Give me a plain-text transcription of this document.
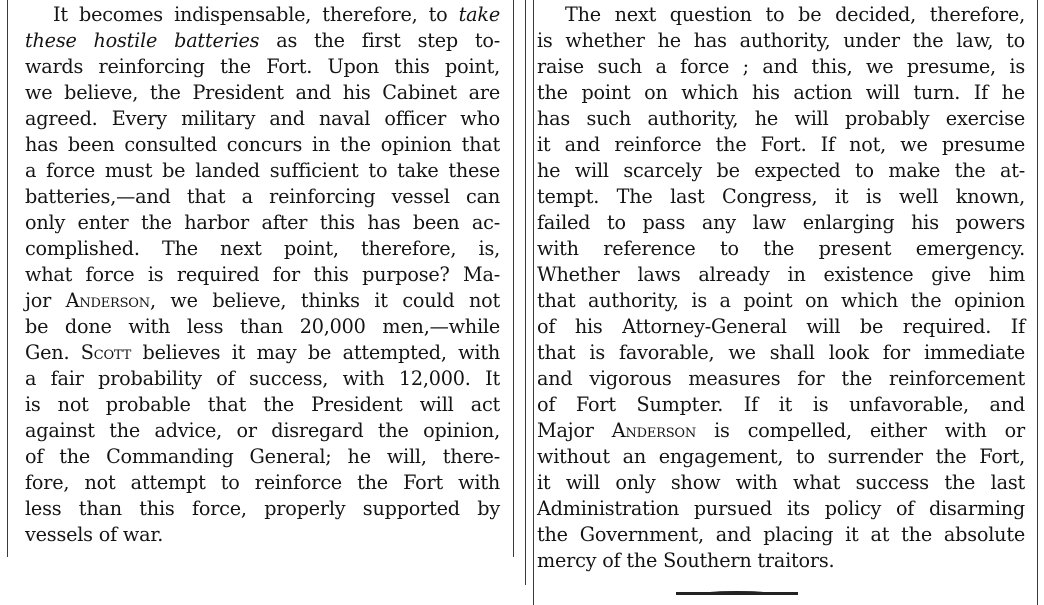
It becomes indispensable, therefore, to take
these hostile batteries as the first step to-
wards reinforcing the Fort. Upon this point,
we believe, the President and his Cabinet are
agreed. Every military and naval officer who
has been consulted concurs in the opinion that
a force must be landed sufficient to take these
batteries,—and that a reinforcing vessel can
only enter the harbor after this has been ac-
complished. The next point, therefore, is,
what force is required for this purpose? Ma-
jor Anderson, we believe, thinks it could not
be done with less than 20,000 men,—while
Gen. Scott believes it may be attempted, with
a fair probability of success, with 12,000. It
is not probable that the President will act
against the advice, or disregard the opinion,
of the Commanding General; he will, there-
fore, not attempt to reinforce the Fort with
less than this force, properly supported by
vessels of war.
The next question to be decided, therefore,
is whether he has authority, under the law, to
raise such a force ; and this, we presume, is
the point on which his action will turn. If he
has such authority, he will probably exercise
it and reinforce the Fort. If not, we presume
he will scarcely be expected to make the at-
tempt. The last Congress, it is well known,
failed to pass any law enlarging his powers
with reference to the present emergency.
Whether laws already in existence give him
that authority, is a point on which the opinion
of his Attorney-General will be required. If
that is favorable, we shall look for immediate
and vigorous measures for the reinforcement
of Fort Sumpter. If it is unfavorable, and
Major Anderson is compelled, either with or
without an engagement, to surrender the Fort,
it will only show with what success the last
Administration pursued its policy of disarming
the Government, and placing it at the absolute
mercy of the Southern traitors.
